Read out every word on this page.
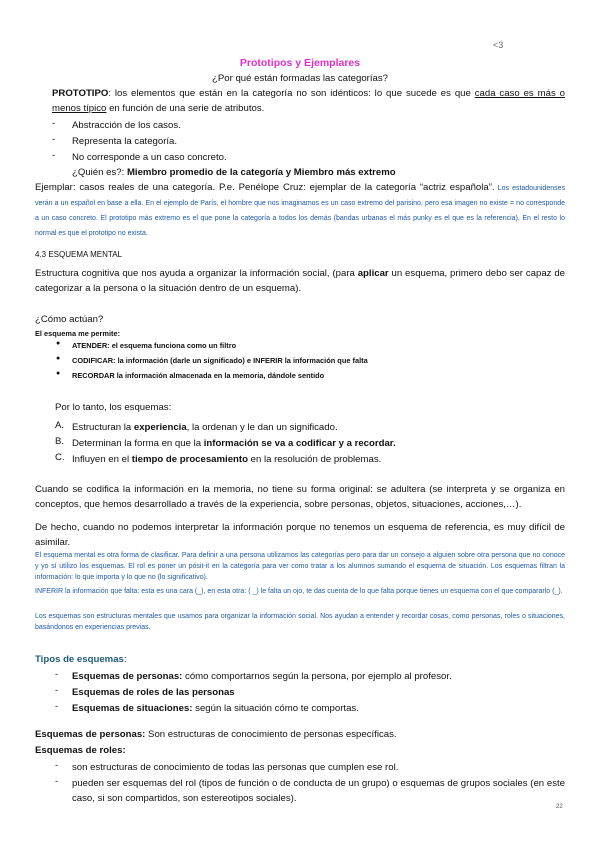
<3
Prototipos y Ejemplares
¿Por qué están formadas las categorías?
PROTOTIPO: los elementos que están en la categoría no son idénticos: lo que sucede es que cada caso es más o menos típico en función de una serie de atributos.
- Abstracción de los casos.
- Representa la categoría.
- No corresponde a un caso concreto.
¿Quién es?: Miembro promedio de la categoría y Miembro más extremo
Ejemplar: casos reales de una categoría. P.e. Penélope Cruz: ejemplar de la categoría “actriz española”. Los estadounidenses verán a un español en base a ella. En el ejemplo de París, el hombre que nos imaginamos es un caso extremo del parisino, pero esa imagen no existe = no corresponde a un caso concreto. El prototipo más extremo es el que pone la categoría a todos los demás (bandas urbanas el más punky es el que es la referencia). En el resto lo normal es que el prototipo no exista.
4.3 ESQUEMA MENTAL
Estructura cognitiva que nos ayuda a organizar la información social, (para aplicar un esquema, primero debo ser capaz de categorizar a la persona o la situación dentro de un esquema).
¿Cómo actúan?
El esquema me permite:
● ATENDER: el esquema funciona como un filtro
● CODIFICAR: la información (darle un significado) e INFERIR la información que falta
● RECORDAR la información almacenada en la memoria, dándole sentido
Por lo tanto, los esquemas:
A. Estructuran la experiencia, la ordenan y le dan un significado.
B. Determinan la forma en que la información se va a codificar y a recordar.
C. Influyen en el tiempo de procesamiento en la resolución de problemas.
Cuando se codifica la información en la memoria, no tiene su forma original: se adultera (se interpreta y se organiza en conceptos, que hemos desarrollado a través de la experiencia, sobre personas, objetos, situaciones, acciones,…).
De hecho, cuando no podemos interpretar la información porque no tenemos un esquema de referencia, es muy difícil de asimilar.
El esquema mental es otra forma de clasificar. Para definir a una persona utilizamos las categorías pero para dar un consejo a alguien sobre otra persona que no conoce y yo sí utilizo los esquemas. El rol es poner un pósit-it en la categoría para ver como tratar a los alumnos sumando el esquema de situación. Los esquemas filtran la información: lo que importa y lo que no (lo significativo).
INFERIR la información que falta: esta es una cara (_), en esta otra: ( _) le falta un ojo, te das cuenta de lo que falta porque tienes un esquema con el que compararlo (_).
Los esquemas son estructuras mentales que usamos para organizar la información social. Nos ayudan a entender y recordar cosas, como personas, roles o situaciones, basándonos en experiencias previas.
Tipos de esquemas:
- Esquemas de personas: cómo comportarnos según la persona, por ejemplo al profesor.
- Esquemas de roles de las personas
- Esquemas de situaciones: según la situación cómo te comportas.
Esquemas de personas: Son estructuras de conocimiento de personas específicas.
Esquemas de roles:
- son estructuras de conocimiento de todas las personas que cumplen ese rol.
- pueden ser esquemas del rol (tipos de función o de conducta de un grupo) o esquemas de grupos sociales (en este caso, si son compartidos, son estereotipos sociales).
22
